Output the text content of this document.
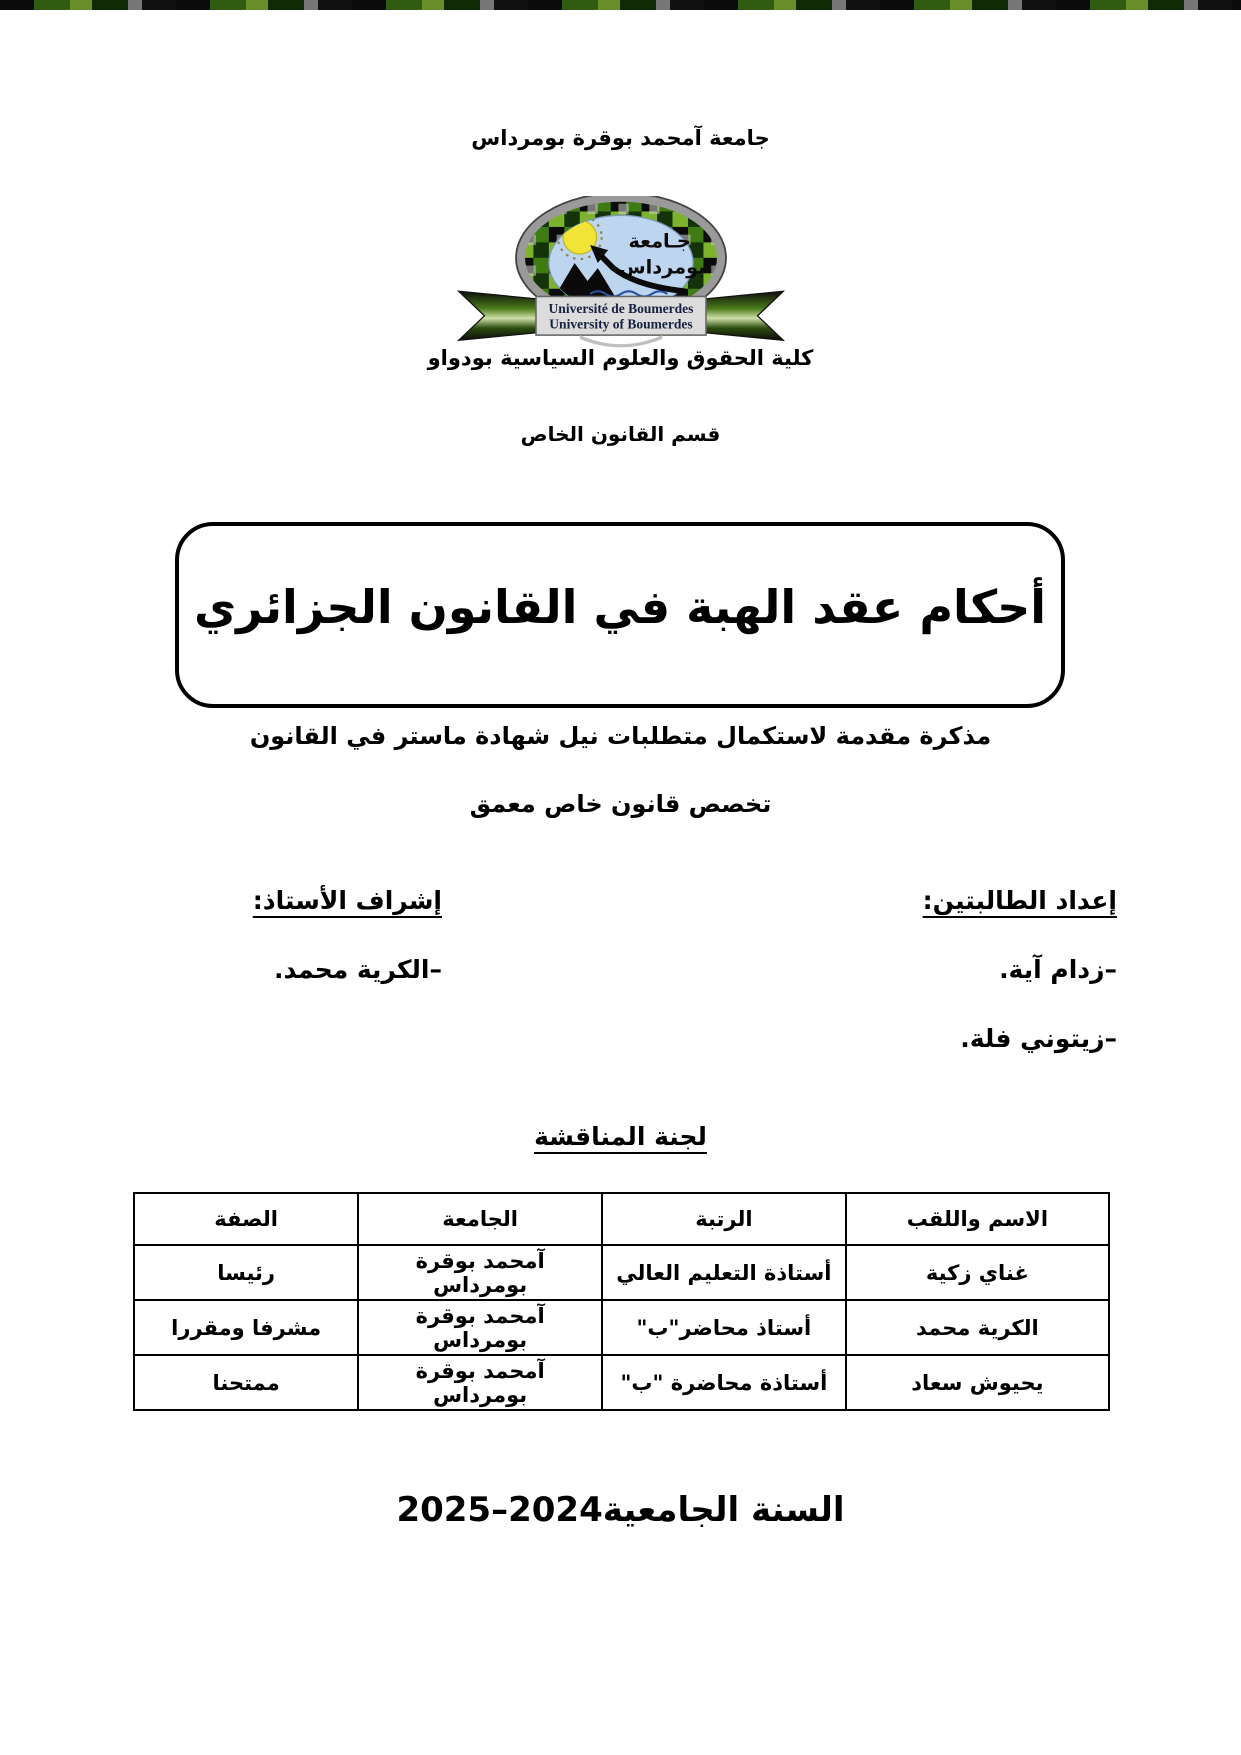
جامعة آمحمد بوقرة بومرداس
جـامعة
بومرداس
Université de Boumerdes
University of Boumerdes
كلية الحقوق والعلوم السياسية بودواو
قسم القانون الخاص
أحكام عقد الهبة في القانون الجزائري
مذكرة مقدمة لاستكمال متطلبات نيل شهادة ماستر في القانون
تخصص قانون خاص معمق
إعداد الطالبتين:
–زدام آية.
–زيتوني فلة.
إشراف الأستاذ:
–الكرية محمد.
لجنة المناقشة
الاسم واللقب	الرتبة	الجامعة	الصفة
غناي زكية	أستاذة التعليم العالي	آمحمد بوقرة بومرداس	رئيسا
الكرية محمد	أستاذ محاضر"ب"	آمحمد بوقرة بومرداس	مشرفا ومقررا
يحيوش سعاد	أستاذة محاضرة "ب"	آمحمد بوقرة بومرداس	ممتحنا
السنة الجامعية2024–2025
